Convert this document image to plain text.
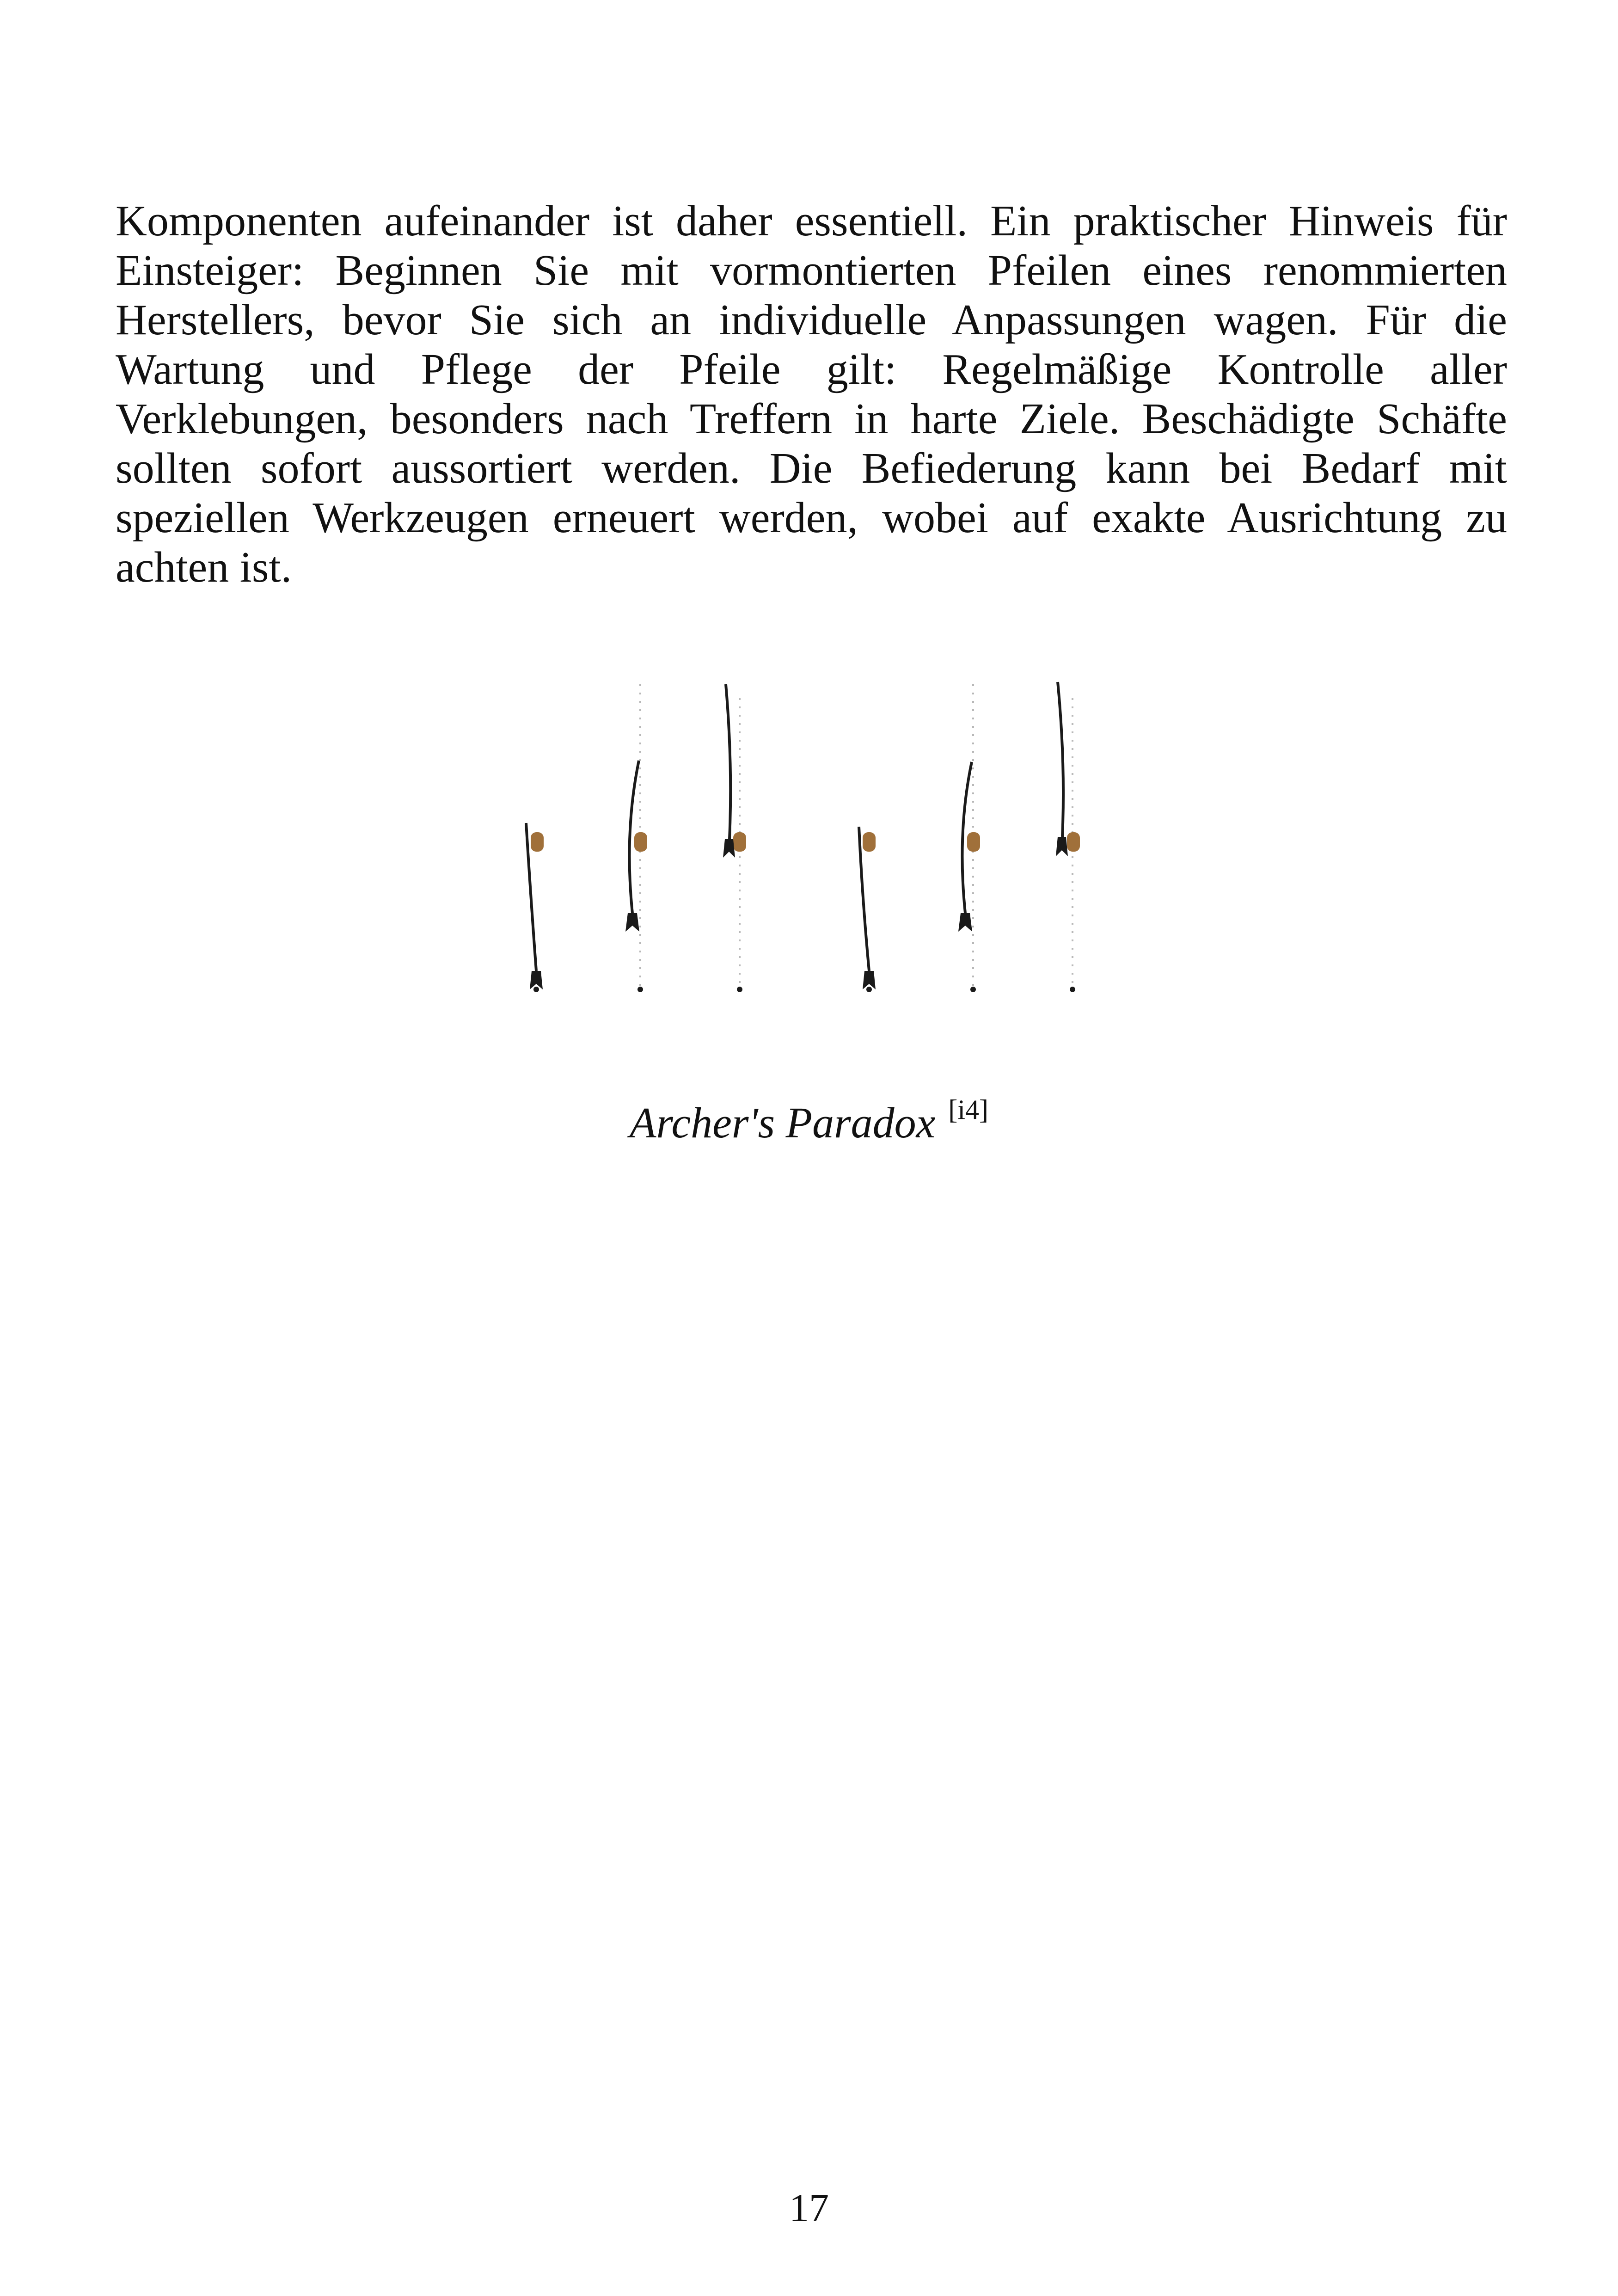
Komponenten aufeinander ist daher essentiell. Ein praktischer Hinweis für
Einsteiger: Beginnen Sie mit vormontierten Pfeilen eines renommierten
Herstellers, bevor Sie sich an individuelle Anpassungen wagen. Für die
Wartung und Pflege der Pfeile gilt: Regelmäßige Kontrolle aller
Verklebungen, besonders nach Treffern in harte Ziele. Beschädigte Schäfte
sollten sofort aussortiert werden. Die Befiederung kann bei Bedarf mit
speziellen Werkzeugen erneuert werden, wobei auf exakte Ausrichtung zu
achten ist.
Archer's Paradox [i4]
17
